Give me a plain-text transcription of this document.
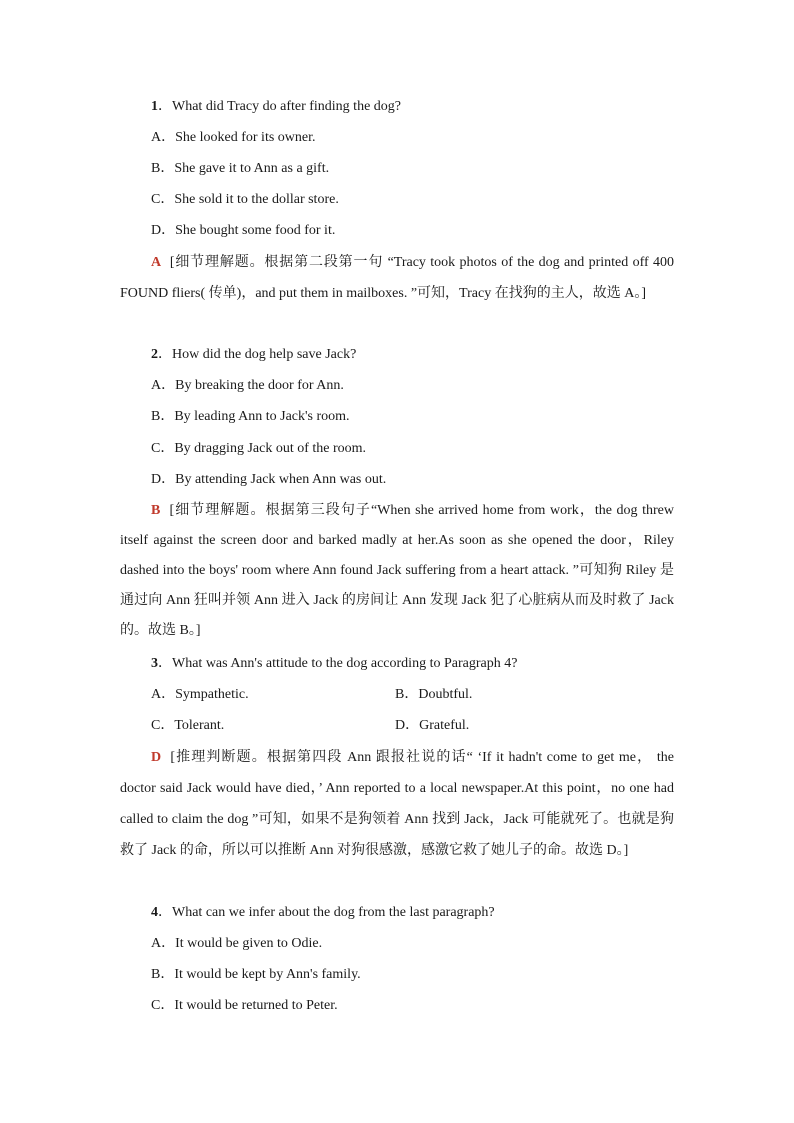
1．What did Tracy do after finding the dog?
A．She looked for its owner.
B．She gave it to Ann as a gift.
C．She sold it to the dollar store.
D．She bought some food for it.
A [细节理解题。根据第二段第一句 “Tracy took photos of the dog and printed off 400 FOUND fliers( 传单)，and put them in mailboxes. ”可知，Tracy 在找狗的主人，故选 A。]
2．How did the dog help save Jack?
A．By breaking the door for Ann.
B．By leading Ann to Jack's room.
C．By dragging Jack out of the room.
D．By attending Jack when Ann was out.
B [细节理解题。根据第三段句子“When she arrived home from work，the dog threw itself against the screen door and barked madly at her.As soon as she opened the door，Riley dashed into the boys' room where Ann found Jack suffering from a heart attack. ”可知狗 Riley 是通过向 Ann 狂叫并领 Ann 进入 Jack 的房间让 Ann 发现 Jack 犯了心脏病从而及时救了 Jack 的。故选 B。]
3．What was Ann's attitude to the dog according to Paragraph 4?
A．Sympathetic.	B．Doubtful.
C．Tolerant.	D．Grateful.
D [推理判断题。根据第四段 Ann 跟报社说的话“ ‘If it hadn't come to get me， the doctor said Jack would have died，’ Ann reported to a local newspaper.At this point，no one had called to claim the dog ”可知，如果不是狗领着 Ann 找到 Jack，Jack 可能就死了。也就是狗救了 Jack 的命，所以可以推断 Ann 对狗很感激，感激它救了她儿子的命。故选 D。]
4．What can we infer about the dog from the last paragraph?
A．It would be given to Odie.
B．It would be kept by Ann's family.
C．It would be returned to Peter.
